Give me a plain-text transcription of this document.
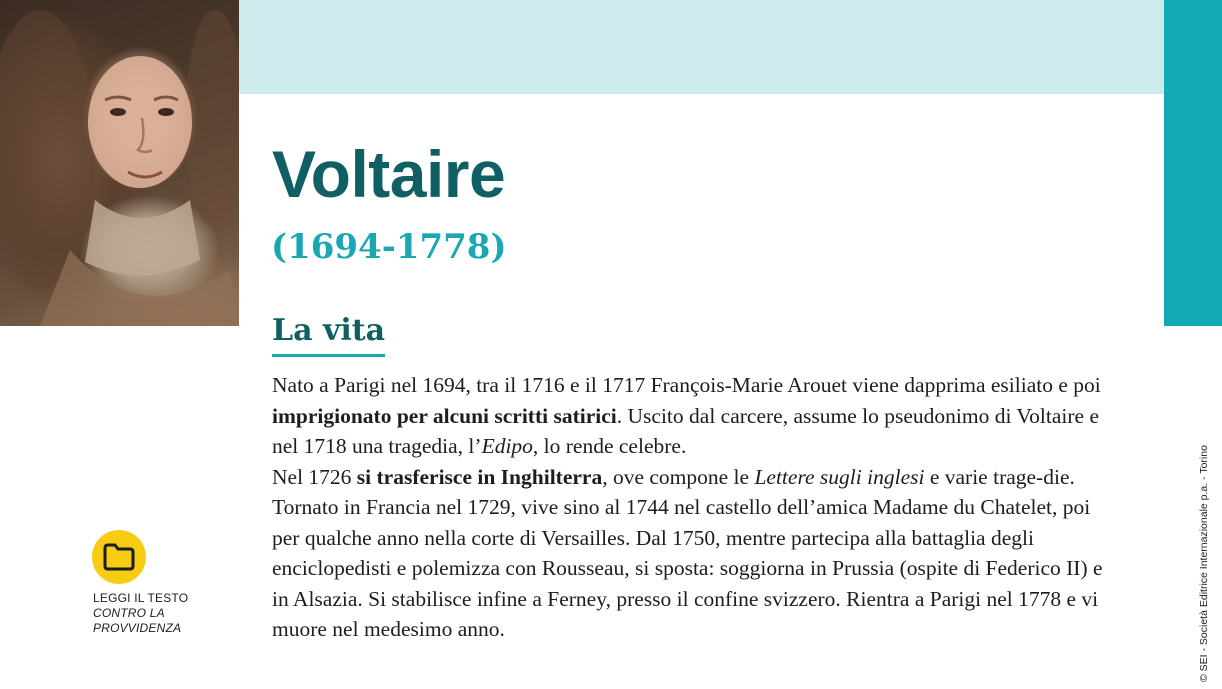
Voltaire
(1694-1778)
La vita

Nato a Parigi nel 1694, tra il 1716 e il 1717 François-Marie Arouet viene dapprima esiliato e poi imprigionato per alcuni scritti satirici. Uscito dal carcere, assume lo pseudonimo di Voltaire e nel 1718 una tragedia, l’Edipo, lo rende celebre.

Nel 1726 si trasferisce in Inghilterra, ove compone le Lettere sugli inglesi e varie trage-die. Tornato in Francia nel 1729, vive sino al 1744 nel castello dell’amica Madame du Chatelet, poi per qualche anno nella corte di Versailles. Dal 1750, mentre partecipa alla battaglia degli enciclopedisti e polemizza con Rousseau, si sposta: soggiorna in Prussia (ospite di Federico II) e in Alsazia. Si stabilisce infine a Ferney, presso il confine svizzero. Rientra a Parigi nel 1778 e vi muore nel medesimo anno.

LEGGI IL TESTO
CONTRO LA
PROVVIDENZA	© SEI - Società Editrice Internazionale p.a. - Torino
